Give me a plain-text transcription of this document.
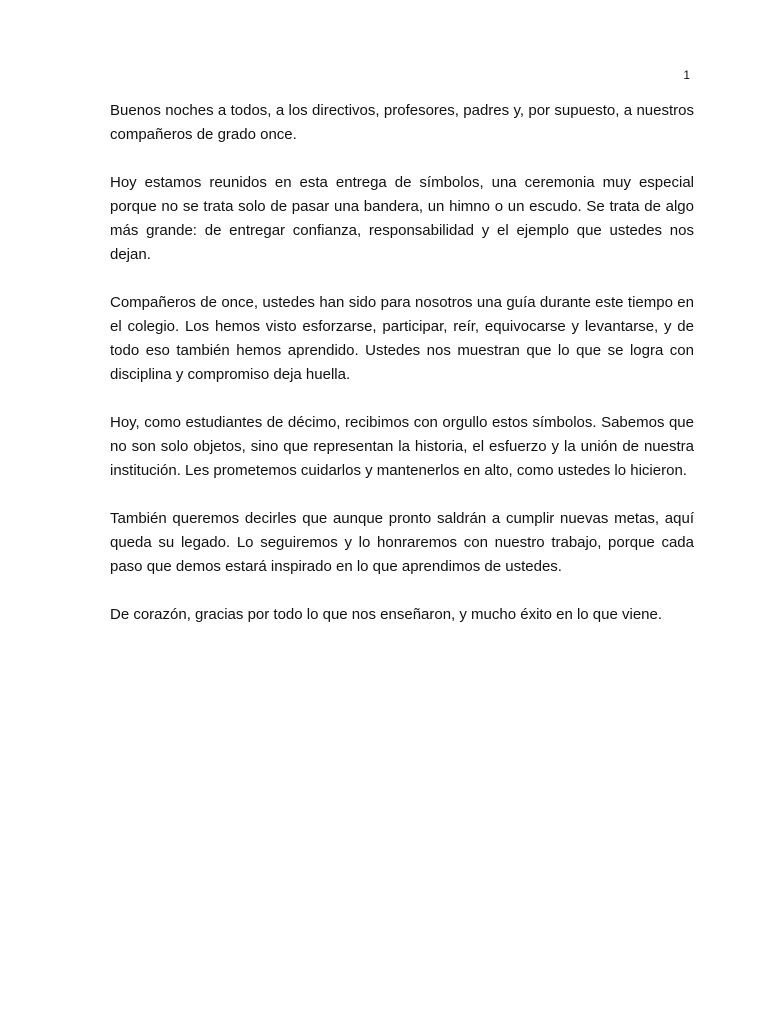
1

Buenos noches a todos, a los directivos, profesores, padres y, por supuesto, a nuestros compañeros de grado once.

Hoy estamos reunidos en esta entrega de símbolos, una ceremonia muy especial porque no se trata solo de pasar una bandera, un himno o un escudo. Se trata de algo más grande: de entregar confianza, responsabilidad y el ejemplo que ustedes nos dejan.

Compañeros de once, ustedes han sido para nosotros una guía durante este tiempo en el colegio. Los hemos visto esforzarse, participar, reír, equivocarse y levantarse, y de todo eso también hemos aprendido. Ustedes nos muestran que lo que se logra con disciplina y compromiso deja huella.

Hoy, como estudiantes de décimo, recibimos con orgullo estos símbolos. Sabemos que no son solo objetos, sino que representan la historia, el esfuerzo y la unión de nuestra institución. Les prometemos cuidarlos y mantenerlos en alto, como ustedes lo hicieron.

También queremos decirles que aunque pronto saldrán a cumplir nuevas metas, aquí queda su legado. Lo seguiremos y lo honraremos con nuestro trabajo, porque cada paso que demos estará inspirado en lo que aprendimos de ustedes.

De corazón, gracias por todo lo que nos enseñaron, y mucho éxito en lo que viene.
